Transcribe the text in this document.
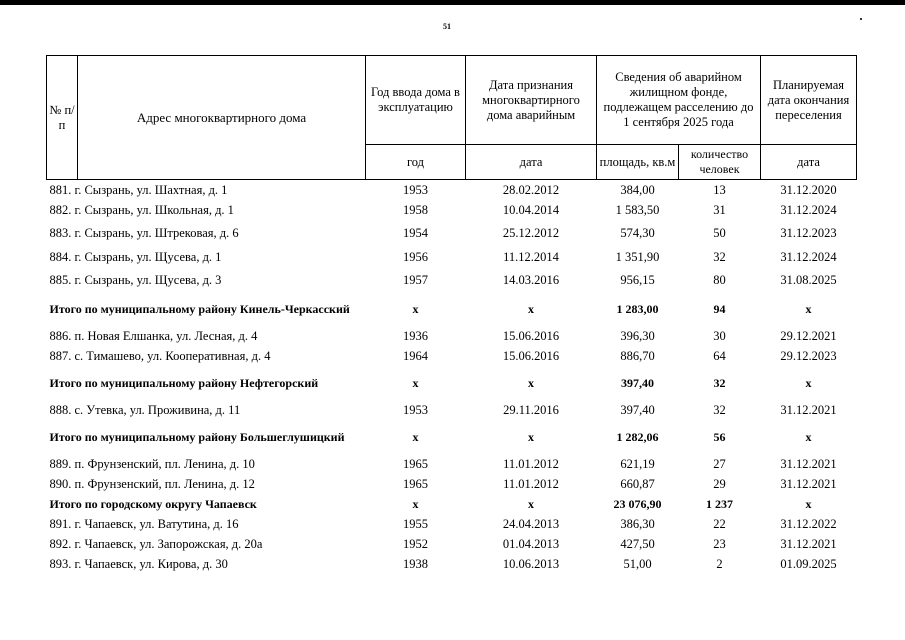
51
№ п/п	Адрес многоквартирного дома	Год ввода дома в эксплуатацию	Дата признания многоквартирного дома аварийным	Сведения об аварийном жилищном фонде, подлежащем расселению до 1 сентября 2025 года		Планируемая дата окончания переселения
		год	дата	площадь, кв.м	количество человек	дата
881. г. Сызрань, ул. Шахтная, д. 1		1953	28.02.2012	384,00	13	31.12.2020
882. г. Сызрань, ул. Школьная, д. 1		1958	10.04.2014	1 583,50	31	31.12.2024
883. г. Сызрань, ул. Штрековая, д. 6		1954	25.12.2012	574,30	50	31.12.2023
884. г. Сызрань, ул. Щусева, д. 1		1956	11.12.2014	1 351,90	32	31.12.2024
885. г. Сызрань, ул. Щусева, д. 3		1957	14.03.2016	956,15	80	31.08.2025
Итого по муниципальному району Кинель-Черкасский		x	x	1 283,00	94	x
886. п. Новая Елшанка, ул. Лесная, д. 4		1936	15.06.2016	396,30	30	29.12.2021
887. с. Тимашево, ул. Кооперативная, д. 4		1964	15.06.2016	886,70	64	29.12.2023
Итого по муниципальному району Нефтегорский		x	x	397,40	32	x
888. с. Утевка, ул. Проживина, д. 11		1953	29.11.2016	397,40	32	31.12.2021
Итого по муниципальному району Большеглушицкий		x	x	1 282,06	56	x
889. п. Фрунзенский, пл. Ленина, д. 10		1965	11.01.2012	621,19	27	31.12.2021
890. п. Фрунзенский, пл. Ленина, д. 12		1965	11.01.2012	660,87	29	31.12.2021
Итого по городскому округу Чапаевск		x	x	23 076,90	1 237	x
891. г. Чапаевск, ул. Ватутина, д. 16		1955	24.04.2013	386,30	22	31.12.2022
892. г. Чапаевск, ул. Запорожская, д. 20а		1952	01.04.2013	427,50	23	31.12.2021
893. г. Чапаевск, ул. Кирова, д. 30		1938	10.06.2013	51,00	2	01.09.2025
